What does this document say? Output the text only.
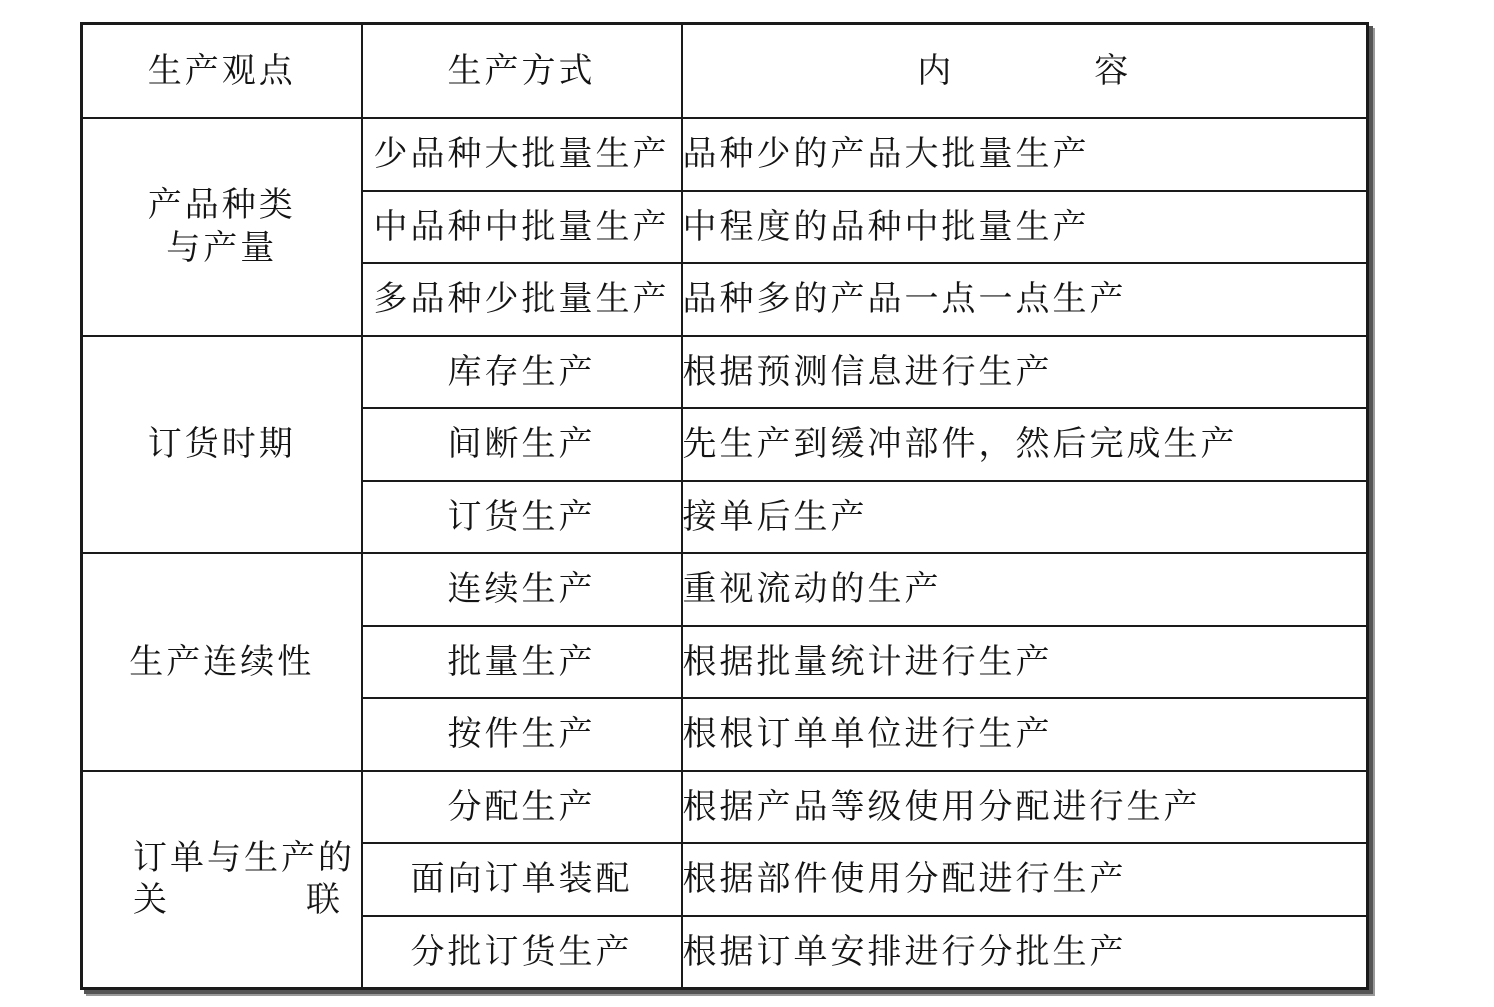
生产观点	生产方式	内 容

产品种类
与产量	少品种大批量生产	品种少的产品大批量生产
	中品种中批量生产	中程度的品种中批量生产
	多品种少批量生产	品种多的产品一点一点生产

订货时期	库存生产	根据预测信息进行生产
	间断生产	先生产到缓冲部件，然后完成生产
	订货生产	接单后生产

生产连续性	连续生产	重视流动的生产
	批量生产	根据批量统计进行生产
	按件生产	根根订单单位进行生产

订单与生产的
关 联	分配生产	根据产品等级使用分配进行生产
	面向订单装配	根据部件使用分配进行生产
	分批订货生产	根据订单安排进行分批生产
